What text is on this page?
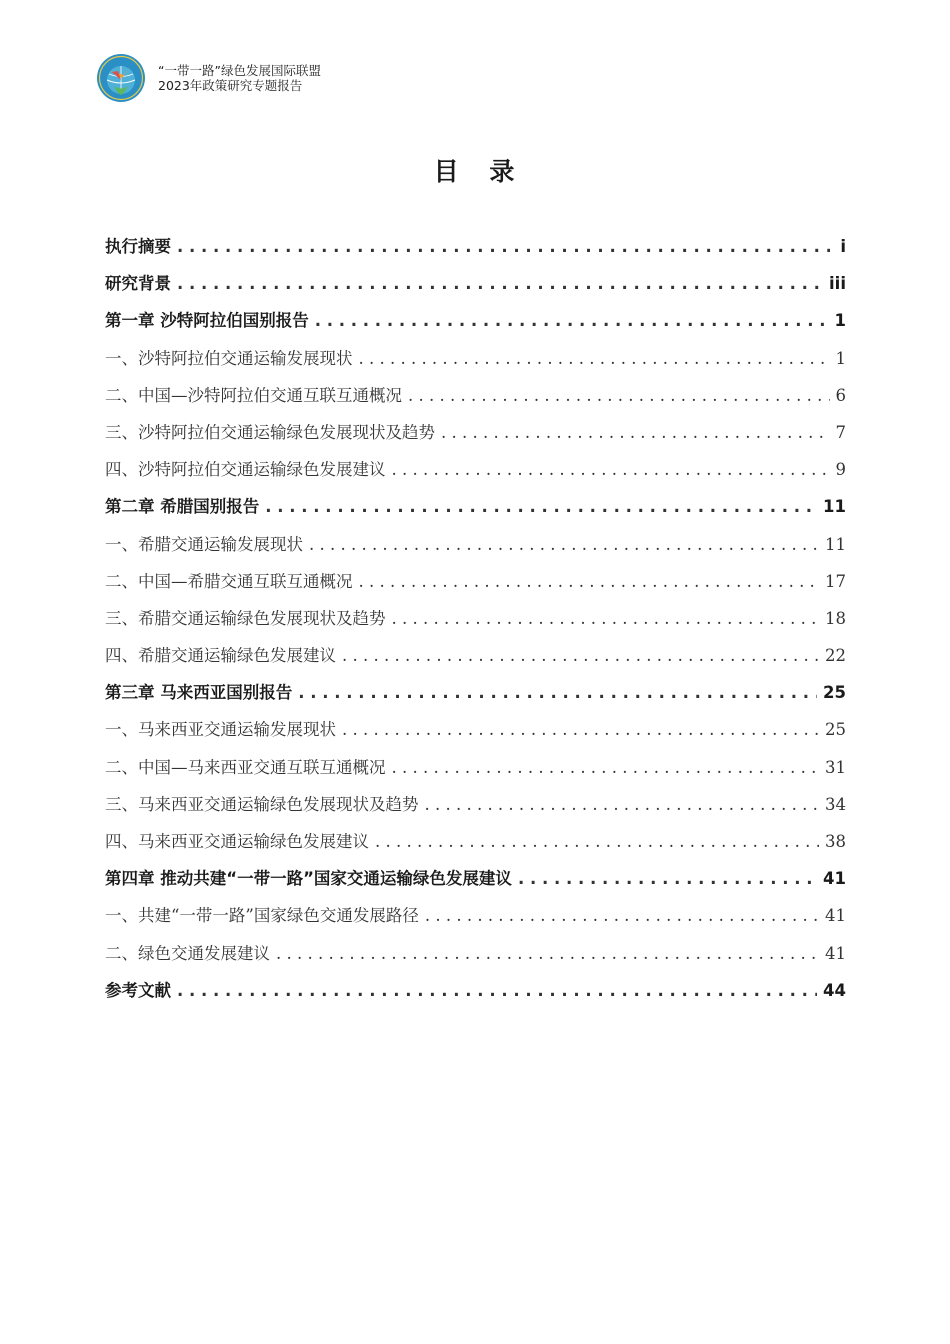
“一带一路”绿色发展国际联盟
2023年政策研究专题报告
目 录
执行摘要 . . .	i
研究背景 . . .	iii
第一章 沙特阿拉伯国别报告 . . .	1
一、沙特阿拉伯交通运输发展现状 . . .	1
二、中国—沙特阿拉伯交通互联互通概况 . . .	6
三、沙特阿拉伯交通运输绿色发展现状及趋势 . . .	7
四、沙特阿拉伯交通运输绿色发展建议 . . .	9
第二章 希腊国别报告 . . .	11
一、希腊交通运输发展现状 . . .	11
二、中国—希腊交通互联互通概况 . . .	17
三、希腊交通运输绿色发展现状及趋势 . . .	18
四、希腊交通运输绿色发展建议 . . .	22
第三章 马来西亚国别报告 . . .	25
一、马来西亚交通运输发展现状 . . .	25
二、中国—马来西亚交通互联互通概况 . . .	31
三、马来西亚交通运输绿色发展现状及趋势 . . .	34
四、马来西亚交通运输绿色发展建议 . . .	38
第四章 推动共建“一带一路”国家交通运输绿色发展建议 . . .	41
一、共建“一带一路”国家绿色交通发展路径 . . .	41
二、绿色交通发展建议 . . .	41
参考文献 . . .	44
